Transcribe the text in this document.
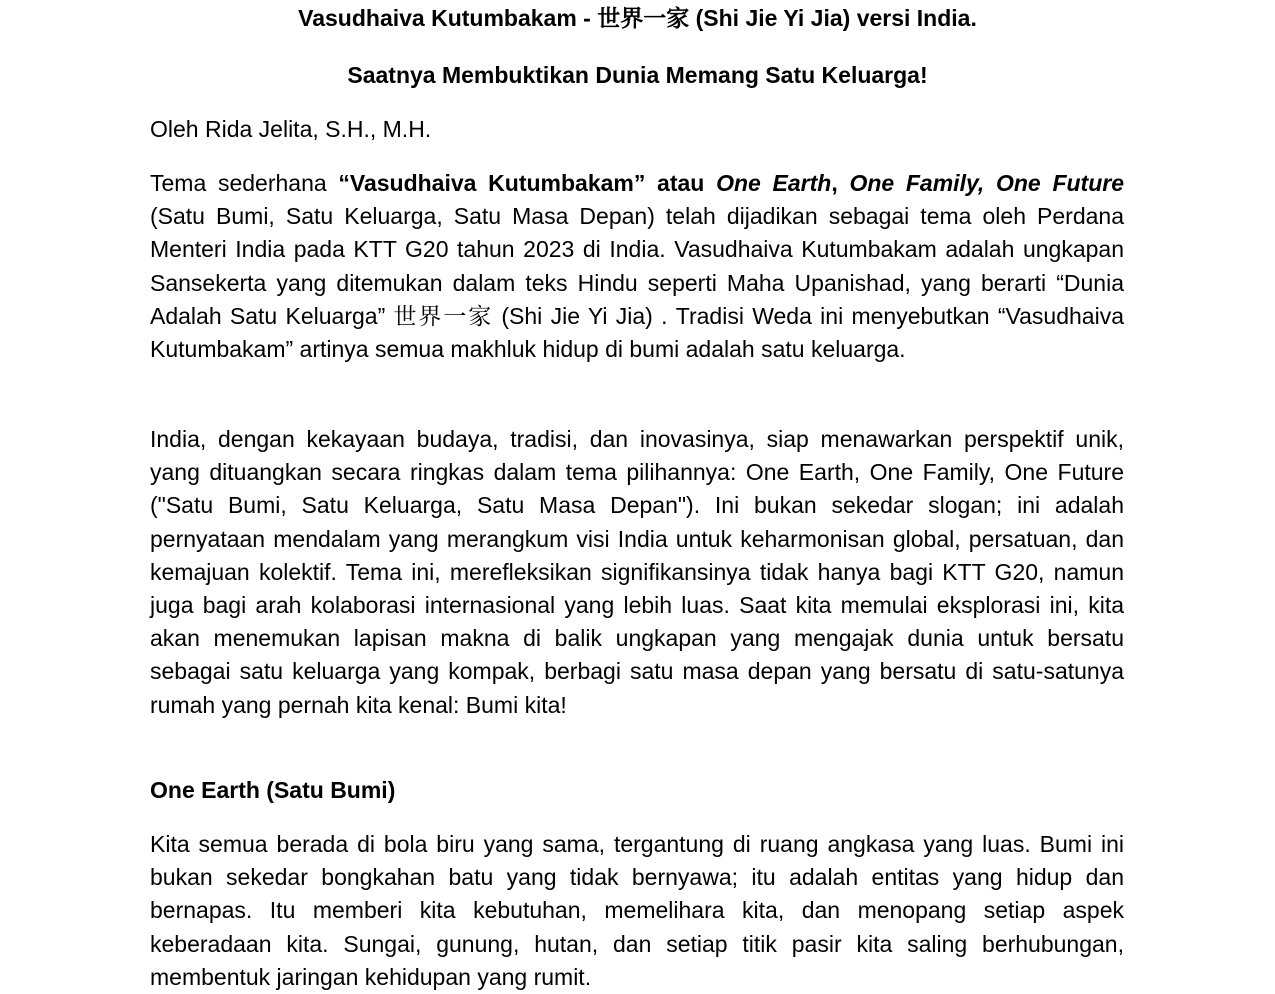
Vasudhaiva Kutumbakam - 世界一家 (Shi Jie Yi Jia) versi India.
Saatnya Membuktikan Dunia Memang Satu Keluarga!

Oleh Rida Jelita, S.H., M.H.

Tema sederhana “Vasudhaiva Kutumbakam” atau One Earth, One Family, One Future (Satu Bumi, Satu Keluarga, Satu Masa Depan) telah dijadikan sebagai tema oleh Perdana Menteri India pada KTT G20 tahun 2023 di India. Vasudhaiva Kutumbakam adalah ungkapan Sansekerta yang ditemukan dalam teks Hindu seperti Maha Upanishad, yang berarti “Dunia Adalah Satu Keluarga” 世界一家 (Shi Jie Yi Jia) . Tradisi Weda ini menyebutkan “Vasudhaiva Kutumbakam” artinya semua makhluk hidup di bumi adalah satu keluarga.

India, dengan kekayaan budaya, tradisi, dan inovasinya, siap menawarkan perspektif unik, yang dituangkan secara ringkas dalam tema pilihannya: One Earth, One Family, One Future ("Satu Bumi, Satu Keluarga, Satu Masa Depan"). Ini bukan sekedar slogan; ini adalah pernyataan mendalam yang merangkum visi India untuk keharmonisan global, persatuan, dan kemajuan kolektif. Tema ini, merefleksikan signifikansinya tidak hanya bagi KTT G20, namun juga bagi arah kolaborasi internasional yang lebih luas. Saat kita memulai eksplorasi ini, kita akan menemukan lapisan makna di balik ungkapan yang mengajak dunia untuk bersatu sebagai satu keluarga yang kompak, berbagi satu masa depan yang bersatu di satu-satunya rumah yang pernah kita kenal: Bumi kita!

One Earth (Satu Bumi)

Kita semua berada di bola biru yang sama, tergantung di ruang angkasa yang luas. Bumi ini bukan sekedar bongkahan batu yang tidak bernyawa; itu adalah entitas yang hidup dan bernapas. Itu memberi kita kebutuhan, memelihara kita, dan menopang setiap aspek keberadaan kita. Sungai, gunung, hutan, dan setiap titik pasir kita saling berhubungan, membentuk jaringan kehidupan yang rumit.
